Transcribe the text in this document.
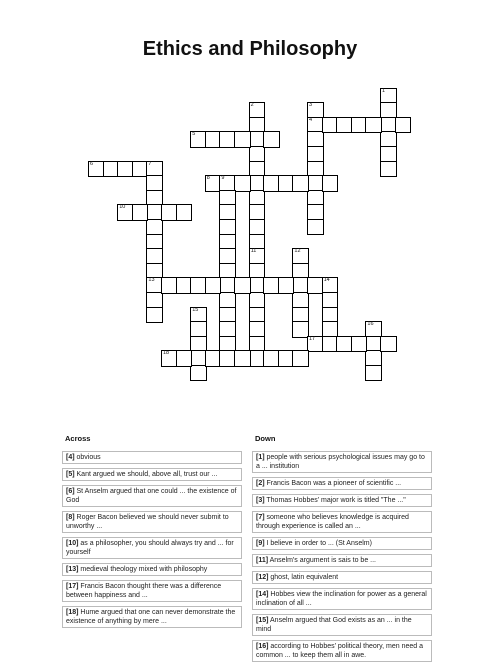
Ethics and Philosophy
1
2
11
3
4
5
6	7
13
8 9
10
12
14
15
16
17
18
Across	Down
[4] obvious
[5] Kant argued we should, above all, trust our ...
[6] St Anselm argued that one could ... the existence of God
[8] Roger Bacon believed we should never submit to unworthy ...
[10] as a philosopher, you should always try and ... for yourself
[13] medieval theology mixed with philosophy
[17] Francis Bacon thought there was a difference between happiness and ...
[18] Hume argued that one can never demonstrate the existence of anything by mere ...
[1] people with serious psychological issues may go to a ... institution
[2] Francis Bacon was a pioneer of scientific ...
[3] Thomas Hobbes' major work is titled "The ..."
[7] someone who believes knowledge is acquired through experience is called an ...
[9] I believe in order to ... (St Anselm)
[11] Anselm's argument is sais to be ...
[12] ghost, latin equivalent
[14] Hobbes view the inclination for power as a general inclination of all ...
[15] Anselm argued that God exists as an ... in the mind
[16] according to Hobbes' political theory, men need a common ... to keep them all in awe.
